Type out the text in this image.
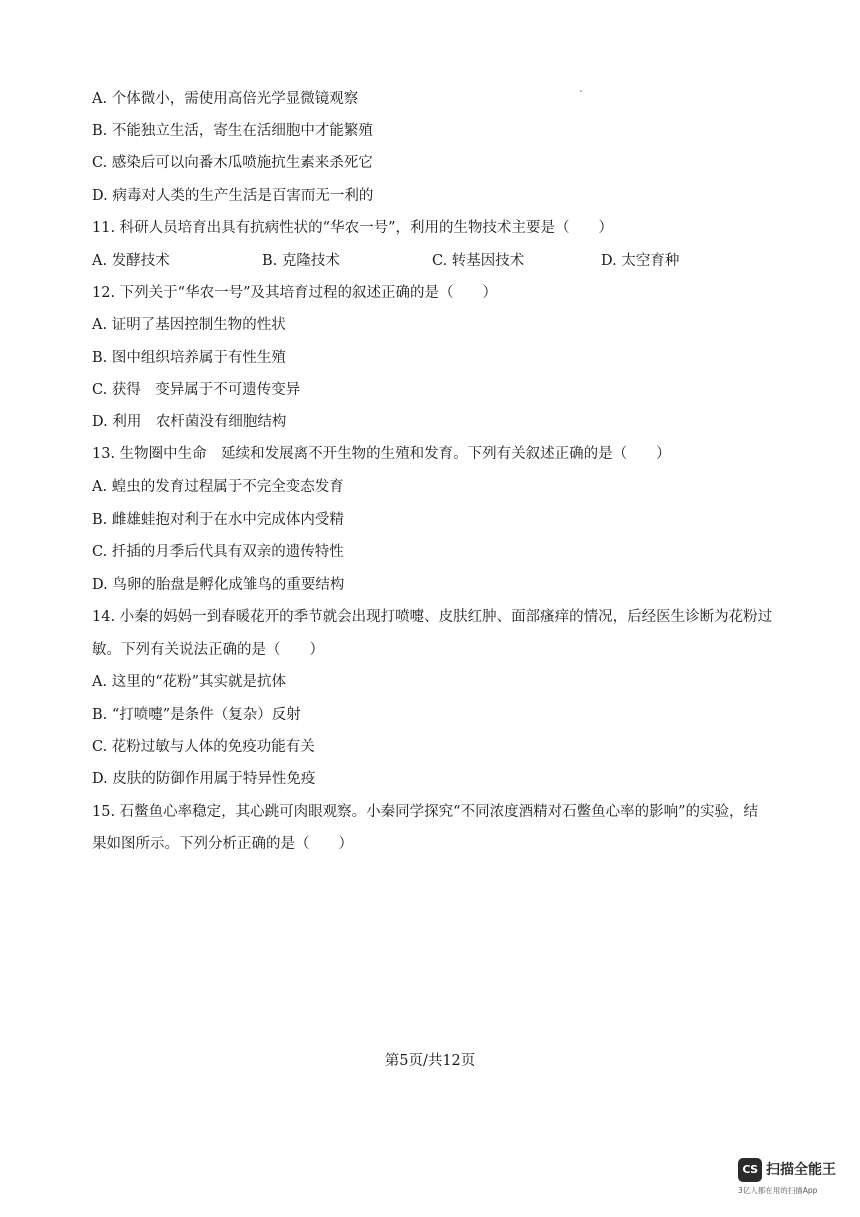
A. 个体微小，需使用高倍光学显微镜观察
B. 不能独立生活，寄生在活细胞中才能繁殖
C. 感染后可以向番木瓜喷施抗生素来杀死它
D. 病毒对人类的生产生活是百害而无一利的
11. 科研人员培育出具有抗病性状的“华农一号”，利用的生物技术主要是（　　）
A. 发酵技术	B. 克隆技术	C. 转基因技术	D. 太空育种
12. 下列关于“华农一号”及其培育过程的叙述正确的是（　　）
A. 证明了基因控制生物的性状
B. 图中组织培养属于有性生殖
C. 获得　变异属于不可遗传变异
D. 利用　农杆菌没有细胞结构
13. 生物圈中生命　延续和发展离不开生物的生殖和发育。下列有关叙述正确的是（　　）
A. 蝗虫的发育过程属于不完全变态发育
B. 雌雄蛙抱对利于在水中完成体内受精
C. 扦插的月季后代具有双亲的遗传特性
D. 鸟卵的胎盘是孵化成雏鸟的重要结构
14. 小秦的妈妈一到春暖花开的季节就会出现打喷嚏、皮肤红肿、面部瘙痒的情况，后经医生诊断为花粉过
敏。下列有关说法正确的是（　　）
A. 这里的“花粉”其实就是抗体
B. “打喷嚏”是条件（复杂）反射
C. 花粉过敏与人体的免疫功能有关
D. 皮肤的防御作用属于特异性免疫
15. 石鳖鱼心率稳定，其心跳可肉眼观察。小秦同学探究“不同浓度酒精对石鳖鱼心率的影响”的实验，结
果如图所示。下列分析正确的是（　　）
第5页/共12页
CS 扫描全能王
3亿人都在用的扫描App
